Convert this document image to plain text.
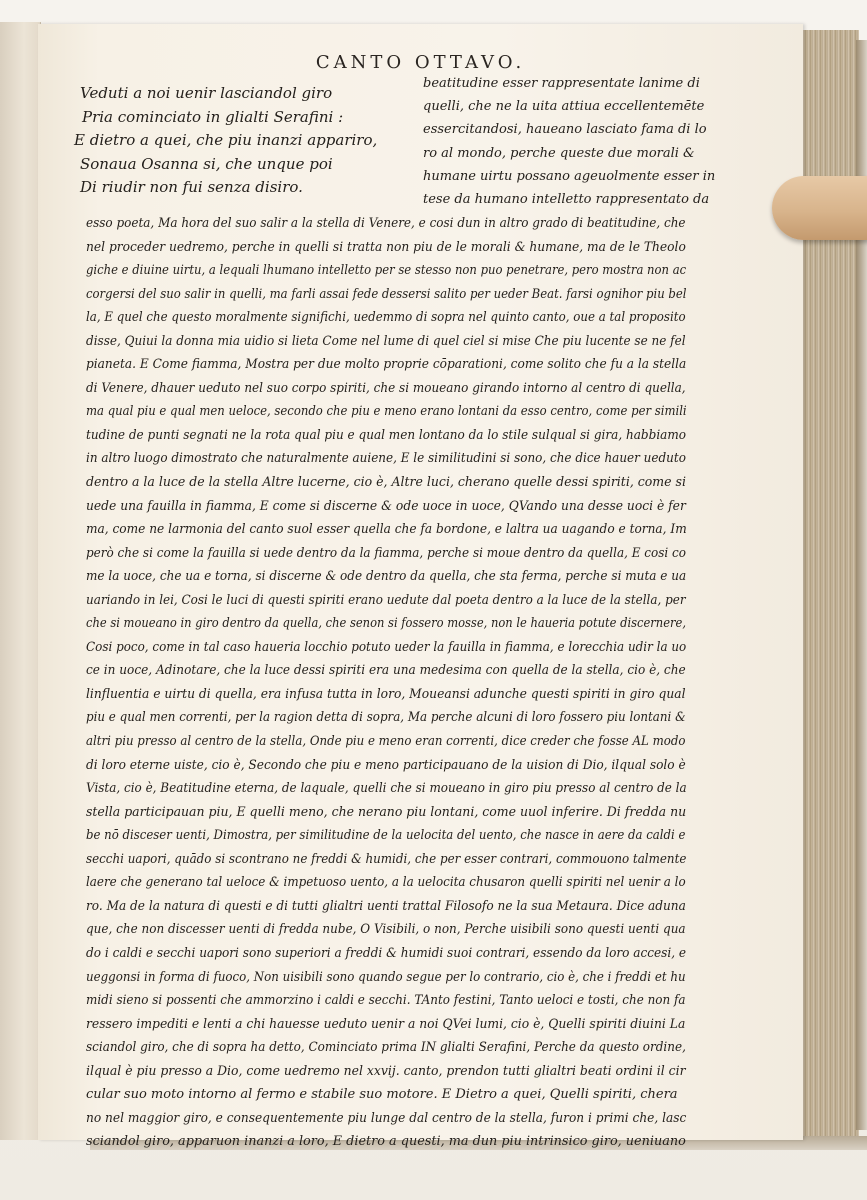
CANTO OTTAVO.
Veduti a noi uenir lasciandol giro
Pria cominciato in glialti Serafini :
E dietro a quei, che piu inanzi appariro,
Sonaua Osanna si, che unque poi
Di riudir non fui senza disiro.
beatitudine esser rappresentate lanime di
quelli, che ne la uita attiua eccellentemēte
essercitandosi, haueano lasciato fama di lo
ro al mondo, perche queste due morali &
humane uirtu possano ageuolmente esser in
tese da humano intelletto rappresentato da
esso poeta, Ma hora del suo salir a la stella di Venere, e cosi dun in altro grado di beatitudine, che
nel proceder uedremo, perche in quelli si tratta non piu de le morali & humane, ma de le Theolo
giche e diuine uirtu, a lequali lhumano intelletto per se stesso non puo penetrare, pero mostra non ac
corgersi del suo salir in quelli, ma farli assai fede dessersi salito per ueder Beat. farsi ognihor piu bel
la, E quel che questo moralmente significhi, uedemmo di sopra nel quinto canto, oue a tal proposito
disse, Quiui la donna mia uidio si lieta Come nel lume di quel ciel si mise Che piu lucente se ne fel
pianeta. E Come fiamma, Mostra per due molto proprie cōparationi, come solito che fu a la stella
di Venere, dhauer ueduto nel suo corpo spiriti, che si moueano girando intorno al centro di quella,
ma qual piu e qual men ueloce, secondo che piu e meno erano lontani da esso centro, come per simili
tudine de punti segnati ne la rota qual piu e qual men lontano da lo stile sulqual si gira, habbiamo
in altro luogo dimostrato che naturalmente auiene, E le similitudini si sono, che dice hauer ueduto
dentro a la luce de la stella Altre lucerne, cio è, Altre luci, cherano quelle dessi spiriti, come si
uede una fauilla in fiamma, E come si discerne & ode uoce in uoce, QVando una desse uoci è fer
ma, come ne larmonia del canto suol esser quella che fa bordone, e laltra ua uagando e torna, Im
però che si come la fauilla si uede dentro da la fiamma, perche si moue dentro da quella, E cosi co
me la uoce, che ua e torna, si discerne & ode dentro da quella, che sta ferma, perche si muta e ua
uariando in lei, Cosi le luci di questi spiriti erano uedute dal poeta dentro a la luce de la stella, per
che si moueano in giro dentro da quella, che senon si fossero mosse, non le haueria potute discernere,
Cosi poco, come in tal caso haueria locchio potuto ueder la fauilla in fiamma, e lorecchia udir la uo
ce in uoce, Adinotare, che la luce dessi spiriti era una medesima con quella de la stella, cio è, che
linfluentia e uirtu di quella, era infusa tutta in loro, Moueansi adunche questi spiriti in giro qual
piu e qual men correnti, per la ragion detta di sopra, Ma perche alcuni di loro fossero piu lontani &
altri piu presso al centro de la stella, Onde piu e meno eran correnti, dice creder che fosse AL modo
di loro eterne uiste, cio è, Secondo che piu e meno participauano de la uision di Dio, ilqual solo è
Vista, cio è, Beatitudine eterna, de laquale, quelli che si moueano in giro piu presso al centro de la
stella participauan piu, E quelli meno, che nerano piu lontani, come uuol inferire. Di fredda nu
be nō disceser uenti, Dimostra, per similitudine de la uelocita del uento, che nasce in aere da caldi e
secchi uapori, quādo si scontrano ne freddi & humidi, che per esser contrari, commouono talmente
laere che generano tal ueloce & impetuoso uento, a la uelocita chusaron quelli spiriti nel uenir a lo
ro. Ma de la natura di questi e di tutti glialtri uenti trattal Filosofo ne la sua Metaura. Dice aduna
que, che non discesser uenti di fredda nube, O Visibili, o non, Perche uisibili sono questi uenti qua
do i caldi e secchi uapori sono superiori a freddi & humidi suoi contrari, essendo da loro accesi, e
ueggonsi in forma di fuoco, Non uisibili sono quando segue per lo contrario, cio è, che i freddi et hu
midi sieno si possenti che ammorzino i caldi e secchi. TAnto festini, Tanto ueloci e tosti, che non fa
ressero impediti e lenti a chi hauesse ueduto uenir a noi QVei lumi, cio è, Quelli spiriti diuini La
sciandol giro, che di sopra ha detto, Cominciato prima IN glialti Serafini, Perche da questo ordine,
ilqual è piu presso a Dio, come uedremo nel xxvij. canto, prendon tutti glialtri beati ordini il cir
cular suo moto intorno al fermo e stabile suo motore. E Dietro a quei, Quelli spiriti, chera
no nel maggior giro, e consequentemente piu lunge dal centro de la stella, furon i primi che, lasc
sciandol giro, apparuon inanzi a loro, E dietro a questi, ma dun piu intrinsico giro, ueniuano
